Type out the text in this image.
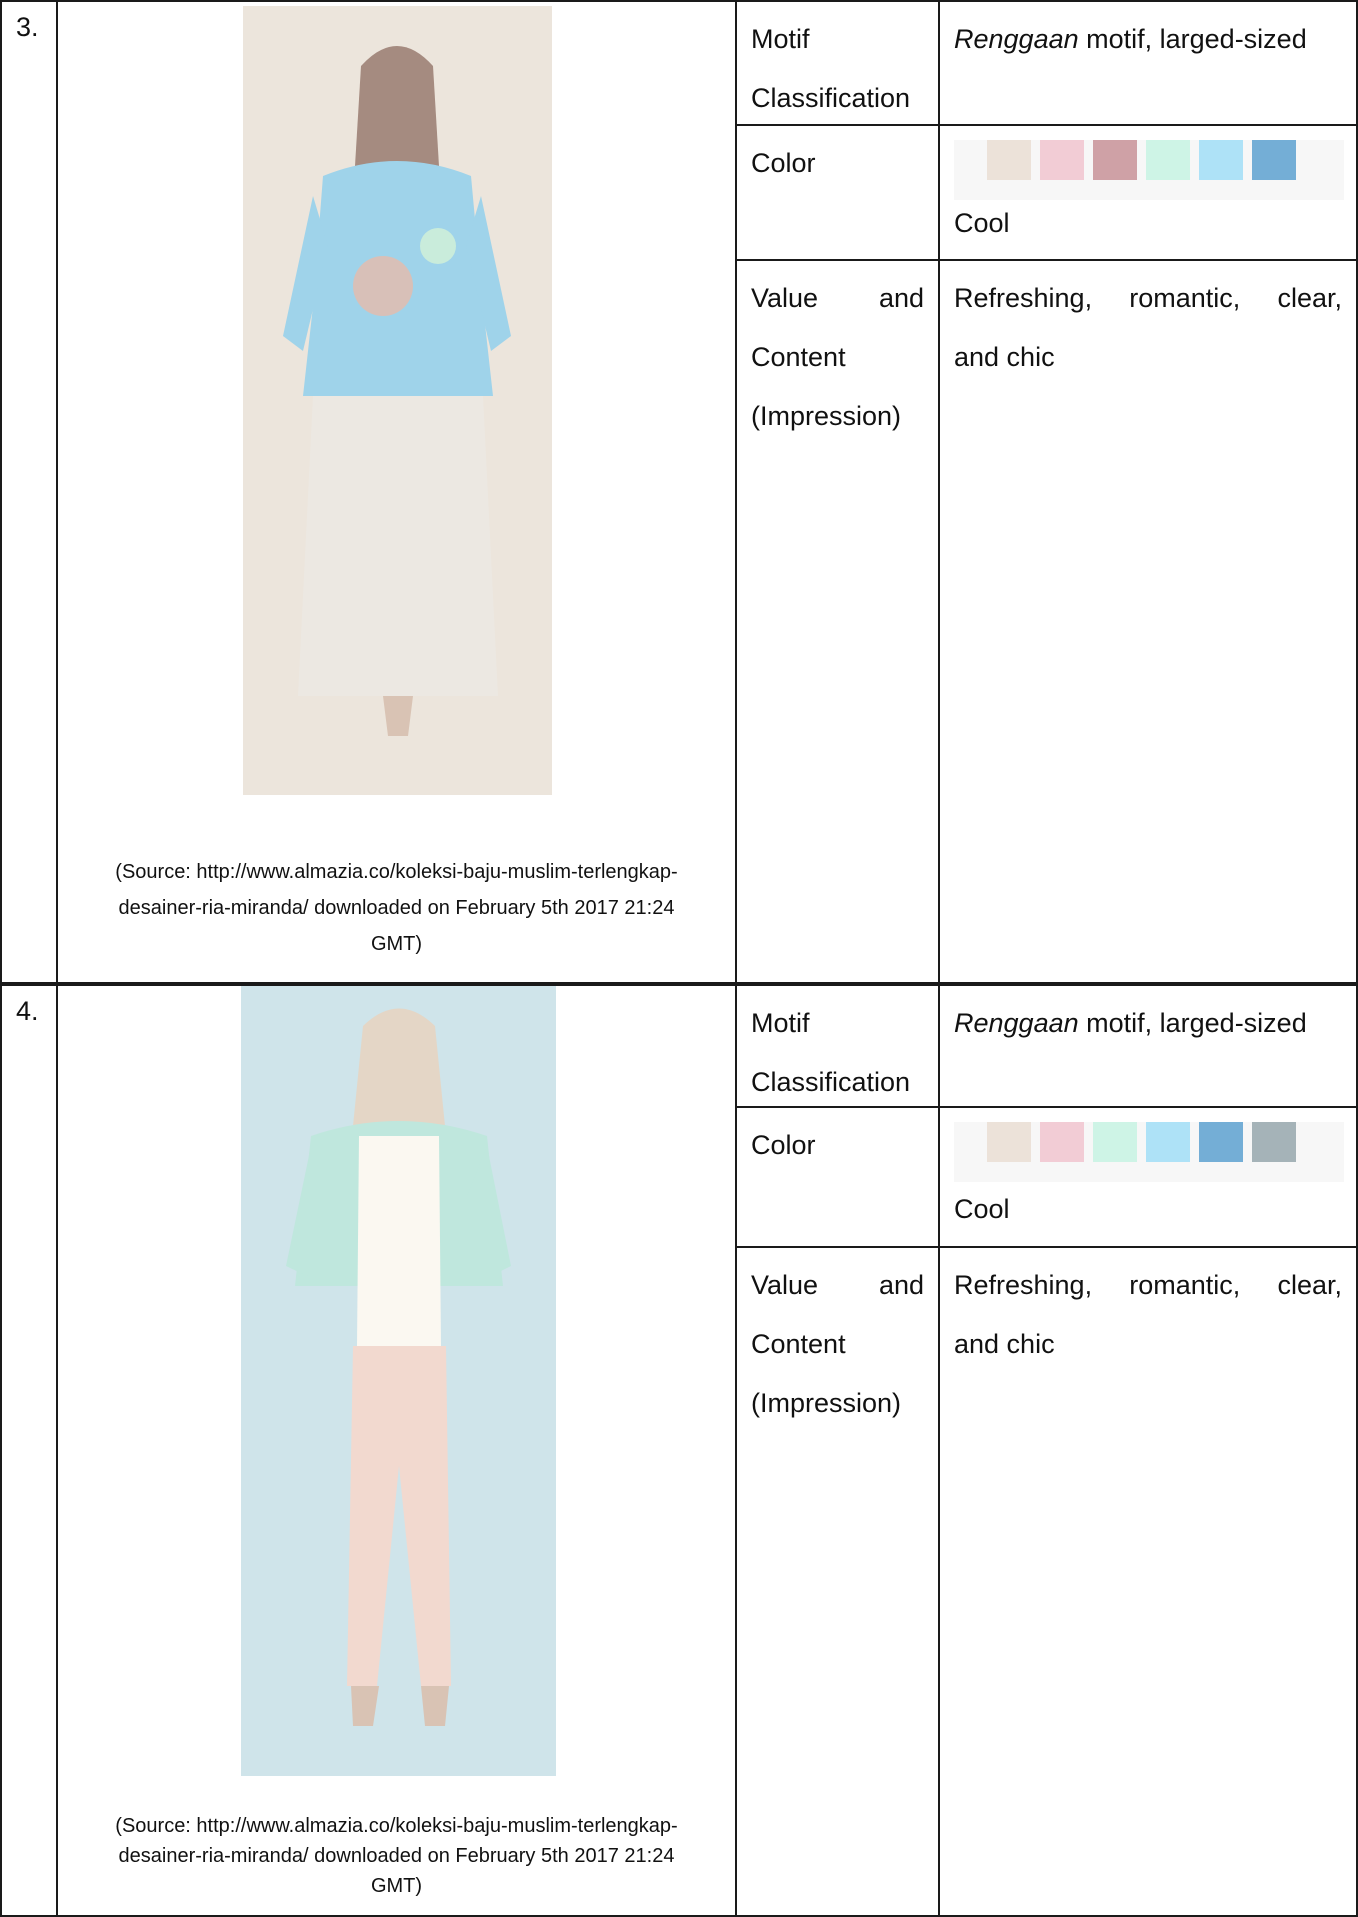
3.
(Source: http://www.almazia.co/koleksi-baju-muslim-terlengkap-
desainer-ria-miranda/ downloaded on February 5th 2017 21:24
GMT)
Motif
Classification
Renggaan motif, larged-sized
Color
Cool
Value and
Content
(Impression)
Refreshing, romantic, clear,
and chic
4.
(Source: http://www.almazia.co/koleksi-baju-muslim-terlengkap-
desainer-ria-miranda/ downloaded on February 5th 2017 21:24
GMT)
Motif
Classification
Renggaan motif, larged-sized
Color
Cool
Value and
Content
(Impression)
Refreshing, romantic, clear,
and chic
